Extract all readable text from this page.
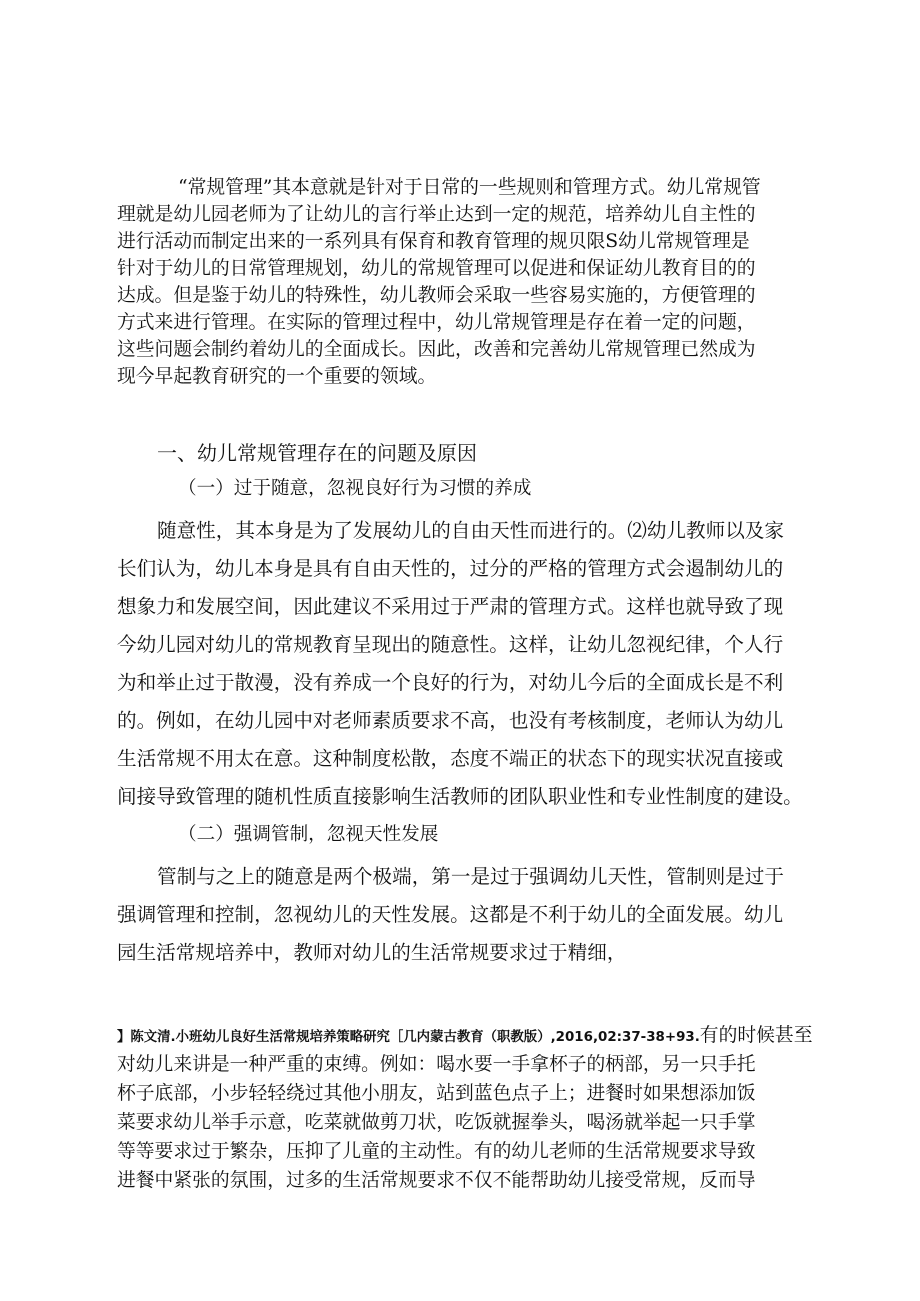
“常规管理”其本意就是针对于日常的一些规则和管理方式。幼儿常规管
理就是幼儿园老师为了让幼儿的言行举止达到一定的规范，培养幼儿自主性的
进行活动而制定出来的一系列具有保育和教育管理的规贝限S幼儿常规管理是
针对于幼儿的日常管理规划，幼儿的常规管理可以促进和保证幼儿教育目的的
达成。但是鉴于幼儿的特殊性，幼儿教师会采取一些容易实施的，方便管理的
方式来进行管理。在实际的管理过程中，幼儿常规管理是存在着一定的问题，
这些问题会制约着幼儿的全面成长。因此，改善和完善幼儿常规管理已然成为
现今早起教育研究的一个重要的领域。
一、幼儿常规管理存在的问题及原因
（一）过于随意，忽视良好行为习惯的养成
随意性，其本身是为了发展幼儿的自由天性而进行的。⑵幼儿教师以及家
长们认为，幼儿本身是具有自由天性的，过分的严格的管理方式会遏制幼儿的
想象力和发展空间，因此建议不采用过于严肃的管理方式。这样也就导致了现
今幼儿园对幼儿的常规教育呈现出的随意性。这样，让幼儿忽视纪律，个人行
为和举止过于散漫，没有养成一个良好的行为，对幼儿今后的全面成长是不利
的。例如，在幼儿园中对老师素质要求不高，也没有考核制度，老师认为幼儿
生活常规不用太在意。这种制度松散，态度不端正的状态下的现实状况直接或
间接导致管理的随机性质直接影响生活教师的团队职业性和专业性制度的建设。
（二）强调管制，忽视天性发展
管制与之上的随意是两个极端，第一是过于强调幼儿天性，管制则是过于
强调管理和控制，忽视幼儿的天性发展。这都是不利于幼儿的全面发展。幼儿
园生活常规培养中，教师对幼儿的生活常规要求过于精细，
】陈文清.小班幼儿良好生活常规培养策略研究［几内蒙古教育（职教版）,2016,02:37-38+93.有的时候甚至
对幼儿来讲是一种严重的束缚。例如：喝水要一手拿杯子的柄部，另一只手托
杯子底部，小步轻轻绕过其他小朋友，站到蓝色点子上；进餐时如果想添加饭
菜要求幼儿举手示意，吃菜就做剪刀状，吃饭就握拳头，喝汤就举起一只手掌
等等要求过于繁杂，压抑了儿童的主动性。有的幼儿老师的生活常规要求导致
进餐中紧张的氛围，过多的生活常规要求不仅不能帮助幼儿接受常规，反而导
